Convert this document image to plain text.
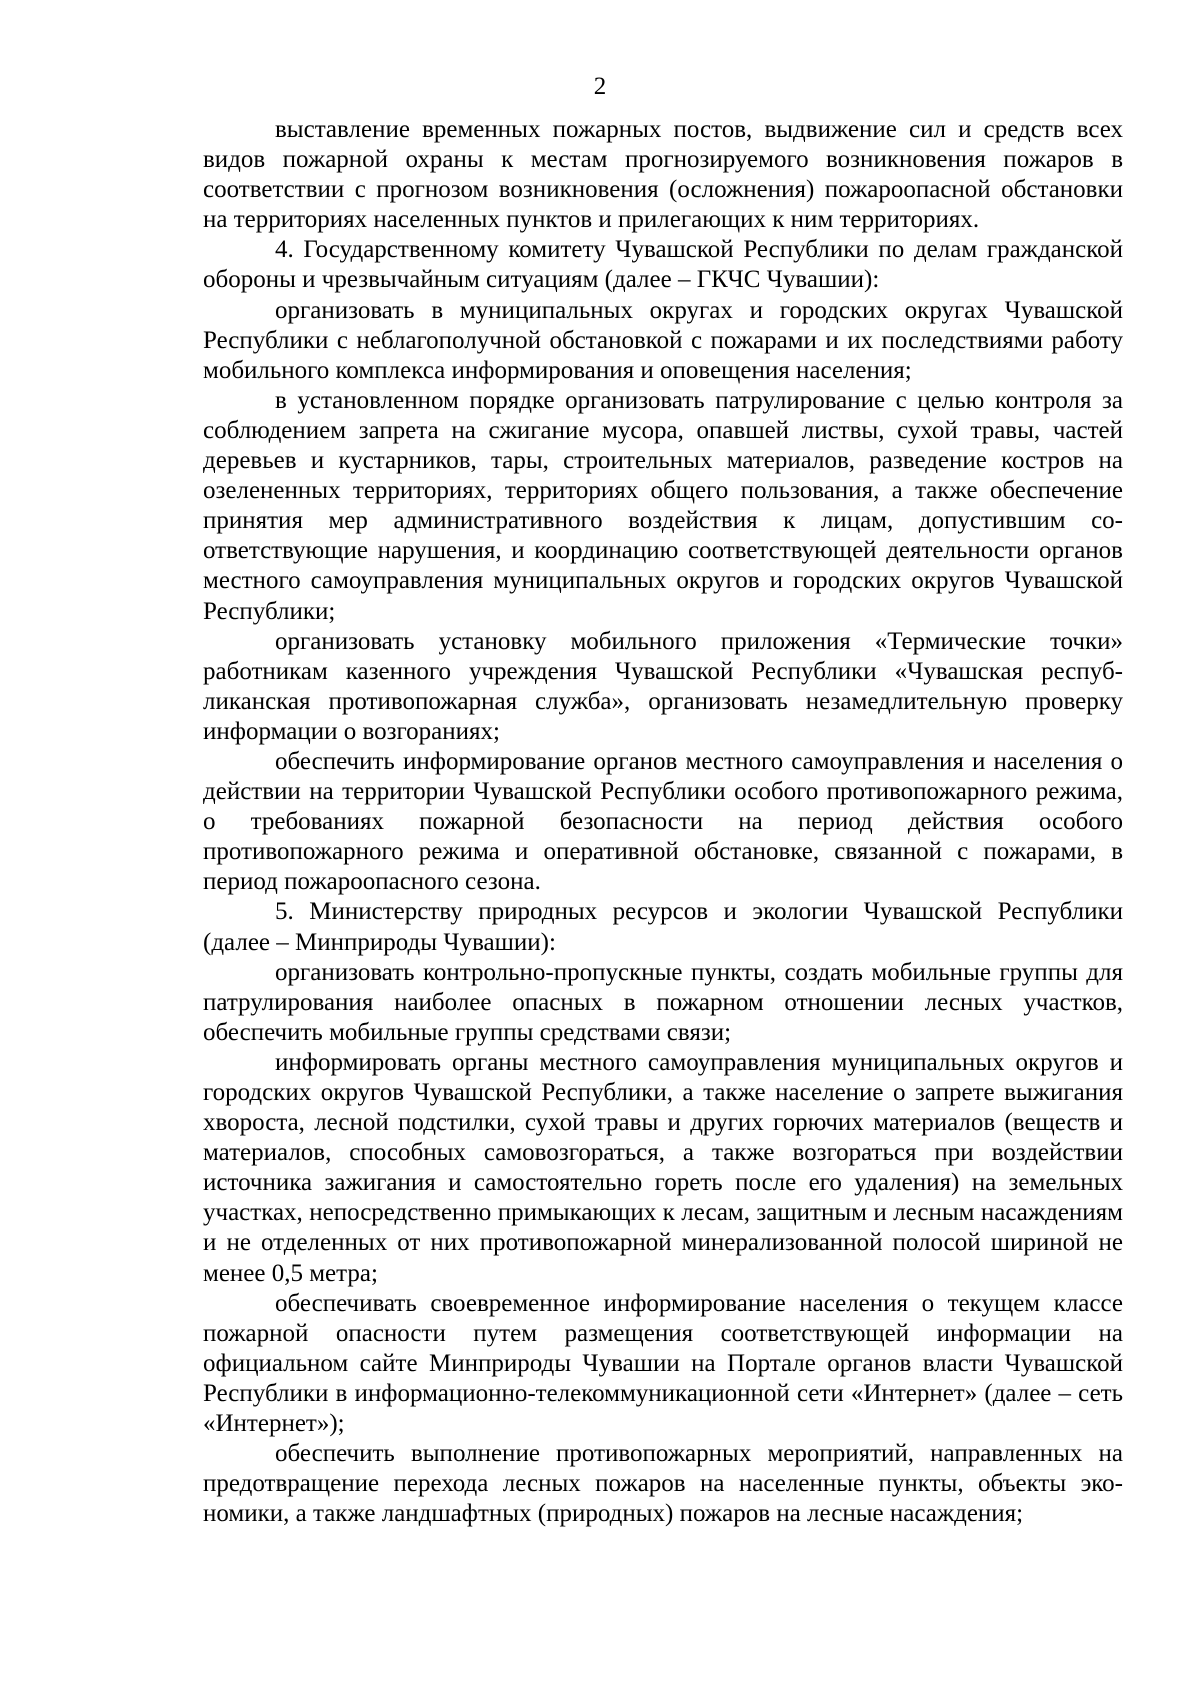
2

выставление временных пожарных постов, выдвижение сил и средств всех видов пожарной охраны к местам прогнозируемого возникновения пожаров в соответствии с прогнозом возникновения (осложнения) пожароопасной обстановки на территориях населенных пунктов и прилегающих к ним территориях.

4. Государственному комитету Чувашской Республики по делам гражданской обороны и чрезвычайным ситуациям (далее – ГКЧС Чувашии):

организовать в муниципальных округах и городских округах Чувашской Республики с неблагополучной обстановкой с пожарами и их последствиями работу мобильного комплекса информирования и оповещения населения;

в установленном порядке организовать патрулирование с целью контроля за соблюдением запрета на сжигание мусора, опавшей листвы, сухой травы, частей деревьев и кустарников, тары, строительных материалов, разведение костров на озелененных территориях, территориях общего пользования, а также обеспечение принятия мер административного воздействия к лицам, допустившим соответствующие нарушения, и координацию соответствующей деятельности органов местного самоуправления муниципальных округов и городских округов Чувашской Республики;

организовать установку мобильного приложения «Термические точки» работникам казенного учреждения Чувашской Республики «Чувашская республиканская противопожарная служба», организовать незамедлительную проверку информации о возгораниях;

обеспечить информирование органов местного самоуправления и населения о действии на территории Чувашской Республики особого противопожарного режима, о требованиях пожарной безопасности на период действия особого противопожарного режима и оперативной обстановке, связанной с пожарами, в период пожароопасного сезона.

5. Министерству природных ресурсов и экологии Чувашской Республики (далее – Минприроды Чувашии):

организовать контрольно-пропускные пункты, создать мобильные группы для патрулирования наиболее опасных в пожарном отношении лесных участков, обеспечить мобильные группы средствами связи;

информировать органы местного самоуправления муниципальных округов и городских округов Чувашской Республики, а также население о запрете выжигания хвороста, лесной подстилки, сухой травы и других горючих материалов (веществ и материалов, способных самовозгораться, а также возгораться при воздействии источника зажигания и самостоятельно гореть после его удаления) на земельных участках, непосредственно примыкающих к лесам, защитным и лесным насаждениям и не отделенных от них противопожарной минерализованной полосой шириной не менее 0,5 метра;

обеспечивать своевременное информирование населения о текущем классе пожарной опасности путем размещения соответствующей информации на официальном сайте Минприроды Чувашии на Портале органов власти Чувашской Республики в информационно-телекоммуникационной сети «Интернет» (далее – сеть «Интернет»);

обеспечить выполнение противопожарных мероприятий, направленных на предотвращение перехода лесных пожаров на населенные пункты, объекты экономики, а также ландшафтных (природных) пожаров на лесные насаждения;
